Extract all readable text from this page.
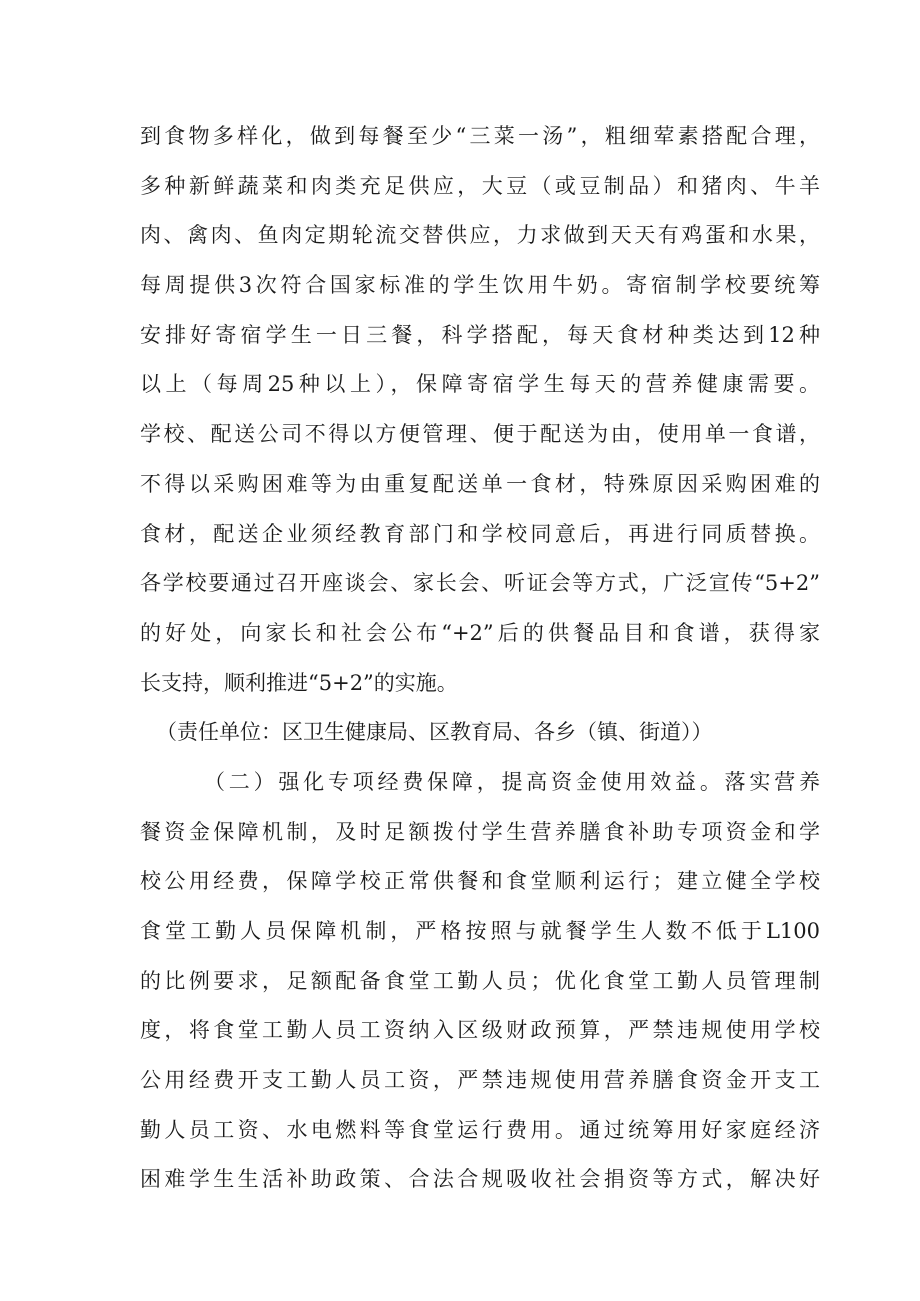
到食物多样化，做到每餐至少“三菜一汤”，粗细荤素搭配合理，
多种新鲜蔬菜和肉类充足供应，大豆（或豆制品）和猪肉、牛羊
肉、禽肉、鱼肉定期轮流交替供应，力求做到天天有鸡蛋和水果，
每周提供3次符合国家标准的学生饮用牛奶。寄宿制学校要统筹
安排好寄宿学生一日三餐，科学搭配，每天食材种类达到12种
以上（每周25种以上），保障寄宿学生每天的营养健康需要。
学校、配送公司不得以方便管理、便于配送为由，使用单一食谱，
不得以采购困难等为由重复配送单一食材，特殊原因采购困难的
食材，配送企业须经教育部门和学校同意后，再进行同质替换。
各学校要通过召开座谈会、家长会、听证会等方式，广泛宣传“5+2”
的好处，向家长和社会公布“+2”后的供餐品目和食谱，获得家
长支持，顺利推进“5+2”的实施。
（责任单位：区卫生健康局、区教育局、各乡（镇、街道））
（二）强化专项经费保障，提高资金使用效益。落实营养
餐资金保障机制，及时足额拨付学生营养膳食补助专项资金和学
校公用经费，保障学校正常供餐和食堂顺利运行；建立健全学校
食堂工勤人员保障机制，严格按照与就餐学生人数不低于L100
的比例要求，足额配备食堂工勤人员；优化食堂工勤人员管理制
度，将食堂工勤人员工资纳入区级财政预算，严禁违规使用学校
公用经费开支工勤人员工资，严禁违规使用营养膳食资金开支工
勤人员工资、水电燃料等食堂运行费用。通过统筹用好家庭经济
困难学生生活补助政策、合法合规吸收社会捐资等方式，解决好
